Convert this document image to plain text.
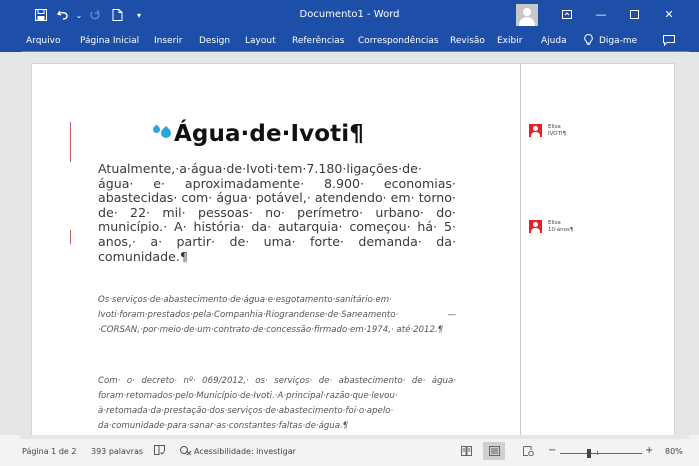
⌄	▾	Documento1 - Word	—	✕
Arquivo Página Inicial Inserir Design Layout Referências Correspondências Revisão Exibir Ajuda	Diga-me
Água·de·Ivoti¶
Atualmente,·a·água·de·Ivoti·tem·7.180·ligações·de· água· e· aproximadamente· 8.900· economias· abastecidas· com· água· potável,· atendendo· em· torno· de· 22· mil· pessoas· no· perímetro· urbano· do· município.· A· história· da· autarquia· começou· há· 5· anos,· a· partir· de· uma· forte· demanda· da· comunidade.¶
Os·serviços·de·abastecimento·de·água·e·esgotamento·sanitário·em· Ivoti·foram·prestados·pela·Companhia·Riograndense·de·Saneamento· —·CORSAN,·por·meio·de·um·contrato·de·concessão·firmado·em·1974,· até·2012.¶
Com· o· decreto· nº· 069/2012,· os· serviços· de· abastecimento· de· água· foram·retomados·pelo·Município·de·Ivoti.·A·principal·razão·que·levou· à·retomada·da·prestação·dos·serviços·de·abastecimento·foi·o·apelo· da·comunidade·para·sanar·as·constantes·faltas·de·água.¶
Elisa
IVOTI¶
Elisa
10·anos¶
Página 1 de 2 393 palavras	Acessibilidade: investigar	−	+ 80%
